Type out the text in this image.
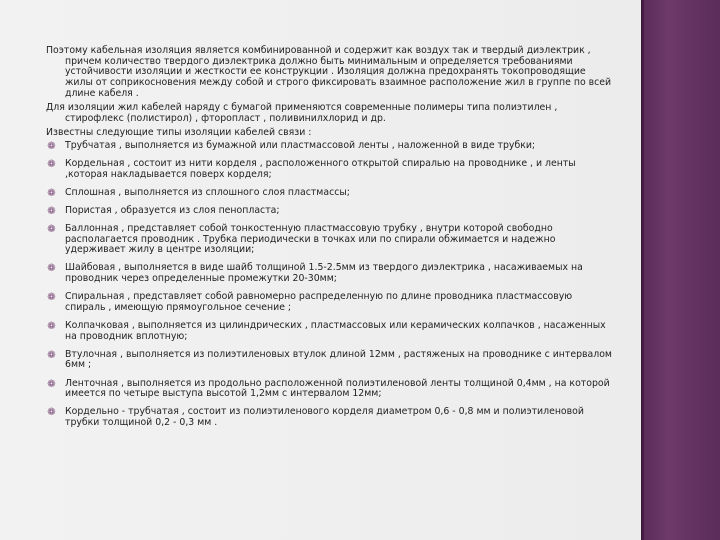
Поэтому кабельная изоляция является комбинированной и содержит как воздух так и твердый диэлектрик , причем количество твердого диэлектрика должно быть минимальным и определяется требованиями устойчивости изоляции и жесткости ее конструкции . Изоляция должна предохранять токопроводящие жилы от соприкосновения между собой и строго фиксировать взаимное расположение жил в группе по всей длине кабеля .

Для изоляции жил кабелей наряду с бумагой применяются современные полимеры типа полиэтилен , стирофлекс (полистирол) , фторопласт , поливинилхлорид и др.

Известны следующие типы изоляции кабелей связи :

❁ Трубчатая , выполняется из бумажной или пластмассовой ленты , наложенной в виде трубки;
❁ Кордельная , состоит из нити корделя , расположенного открытой спиралью на проводнике , и ленты ,которая накладывается поверх корделя;
❁ Сплошная , выполняется из сплошного слоя пластмассы;
❁ Пористая , образуется из слоя пенопласта;
❁ Баллонная , представляет собой тонкостенную пластмассовую трубку , внутри которой свободно располагается проводник . Трубка периодически в точках или по спирали обжимается и надежно удерживает жилу в центре изоляции;
❁ Шайбовая , выполняется в виде шайб толщиной 1.5-2.5мм из твердого диэлектрика , насаживаемых на проводник через определенные промежутки 20-30мм;
❁ Спиральная , представляет собой равномерно распределенную по длине проводника пластмассовую спираль , имеющую прямоугольное сечение ;
❁ Колпачковая , выполняется из цилиндрических , пластмассовых или керамических колпачков , насаженных на проводник вплотную;
❁ Втулочная , выполняется из полиэтиленовых втулок длиной 12мм , растяженых на проводнике с интервалом 6мм ;
❁ Ленточная , выполняется из продольно расположенной полиэтиленовой ленты толщиной 0,4мм , на которой имеется по четыре выступа высотой 1,2мм с интервалом 12мм;
❁ Кордельно - трубчатая , состоит из полиэтиленового корделя диаметром 0,6 - 0,8 мм и полиэтиленовой трубки толщиной 0,2 - 0,3 мм .
